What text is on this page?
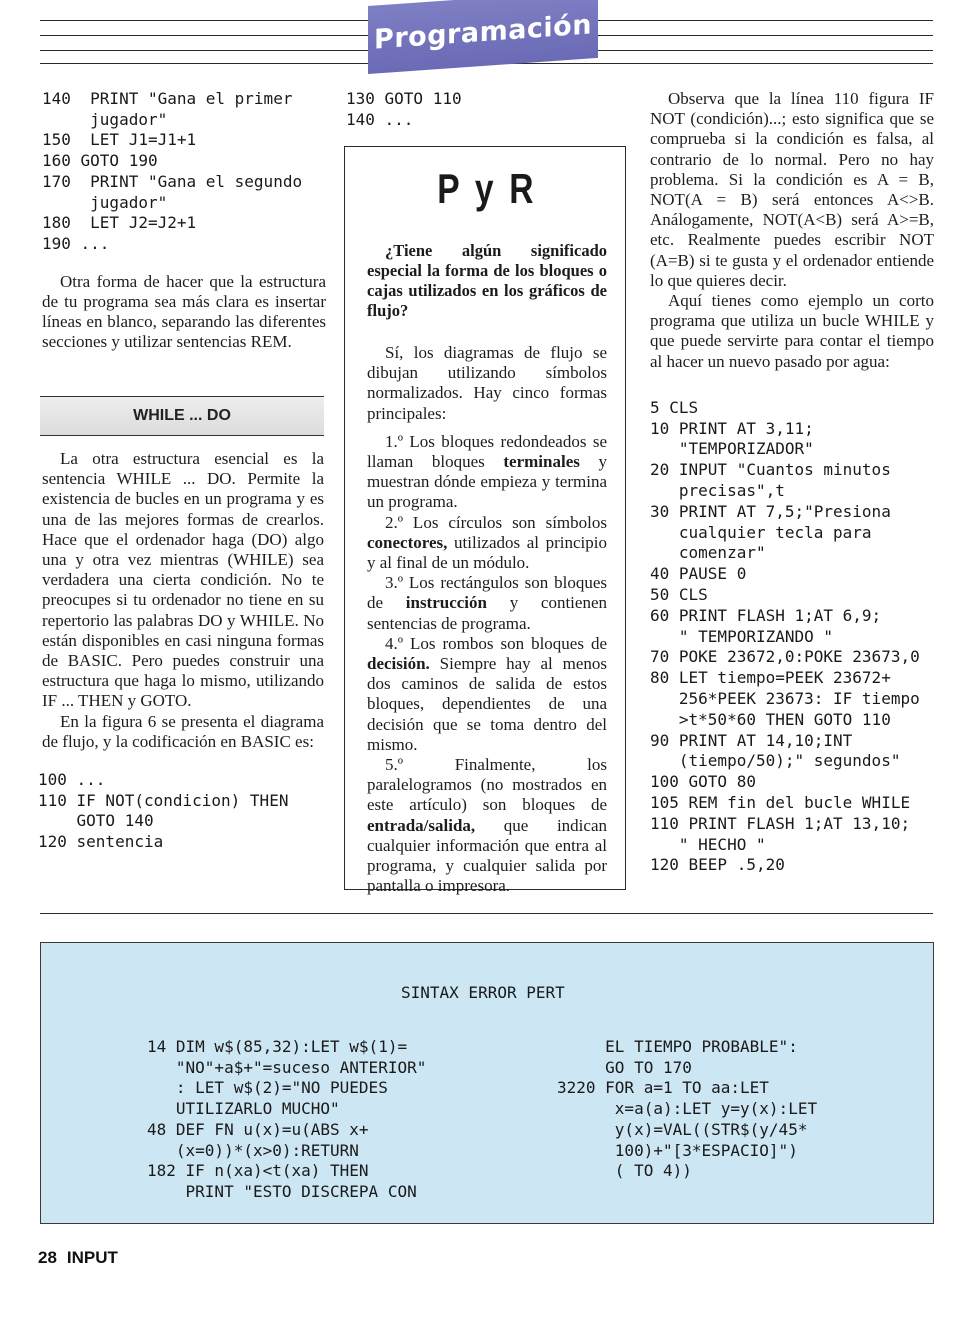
Programación
140  PRINT "Gana el primer
jugador"
150  LET J1=J1+1
160 GOTO 190
170  PRINT "Gana el segundo
jugador"
180  LET J2=J2+1
190 ...

Otra forma de hacer que la estructura de tu programa sea más clara es insertar líneas en blanco, separando las diferentes secciones y utilizar sentencias REM.

WHILE ... DO

La otra estructura esencial es la sentencia WHILE ... DO. Permite la existencia de bucles en un programa y es una de las mejores formas de crearlos. Hace que el ordenador haga (DO) algo una y otra vez mientras (WHILE) sea verdadera una cierta condición. No te preocupes si tu ordenador no tiene en su repertorio las palabras DO y WHILE. No están disponibles en casi ninguna formas de BASIC. Pero puedes construir una estructura que haga lo mismo, utilizando IF ... THEN y GOTO.

En la figura 6 se presenta el diagrama de flujo, y la codificación en BASIC es:

100 ...
110 IF NOT(condicion) THEN
GOTO 140
120 sentencia
130 GOTO 110
140 ...
P y R

¿Tiene algún significado especial la forma de los bloques o cajas utilizados en los gráficos de flujo?

Sí, los diagramas de flujo se dibujan utilizando símbolos normalizados. Hay cinco formas principales:

1.º Los bloques redondeados se llaman bloques terminales y muestran dónde empieza y termina un programa.

2.º Los círculos son símbolos conectores, utilizados al principio y al final de un módulo.

3.º Los rectángulos son bloques de instrucción y contienen sentencias de programa.

4.º Los rombos son bloques de decisión. Siempre hay al menos dos caminos de salida de estos bloques, dependientes de una decisión que se toma dentro del mismo.

5.º Finalmente, los paralelogramos (no mostrados en este artículo) son bloques de entrada/salida, que indican cualquier información que entra al programa, y cualquier salida por pantalla o impresora.

Observa que la línea 110 figura IF NOT (condición)...; esto significa que se comprueba si la condición es falsa, al contrario de lo normal. Pero no hay problema. Si la condición es A = B, NOT(A = B) será entonces A<>B. Análogamente, NOT(A<B) será A>=B, etc. Realmente puedes escribir NOT (A=B) si te gusta y el ordenador entiende lo que quieres decir.

Aquí tienes como ejemplo un corto programa que utiliza un bucle WHILE y que puede servirte para contar el tiempo al hacer un nuevo pasado por agua:

5 CLS
10 PRINT AT 3,11;
"TEMPORIZADOR"
20 INPUT "Cuantos minutos
precisas",t
30 PRINT AT 7,5;"Presiona
cualquier tecla para
comenzar"
40 PAUSE 0
50 CLS
60 PRINT FLASH 1;AT 6,9;
" TEMPORIZANDO "
70 POKE 23672,0:POKE 23673,0
80 LET tiempo=PEEK 23672+
256*PEEK 23673: IF tiempo
>t*50*60 THEN GOTO 110
90 PRINT AT 14,10;INT
(tiempo/50);" segundos"
100 GOTO 80
105 REM fin del bucle WHILE
110 PRINT FLASH 1;AT 13,10;
" HECHO "
120 BEEP .5,20
SINTAX ERROR PERT
14 DIM w$(85,32):LET w$(1)=
"NO"+a$+"=suceso ANTERIOR"
: LET w$(2)="NO PUEDES
UTILIZARLO MUCHO"
48 DEF FN u(x)=u(ABS x+
(x=0))*(x>0):RETURN
182 IF n(xa)<t(xa) THEN
PRINT "ESTO DISCREPA CON
EL TIEMPO PROBABLE":
GO TO 170
3220 FOR a=1 TO aa:LET
x=a(a):LET y=y(x):LET
y(x)=VAL((STR$(y/45*
100)+"[3*ESPACIO]")
( TO 4))
28 INPUT
